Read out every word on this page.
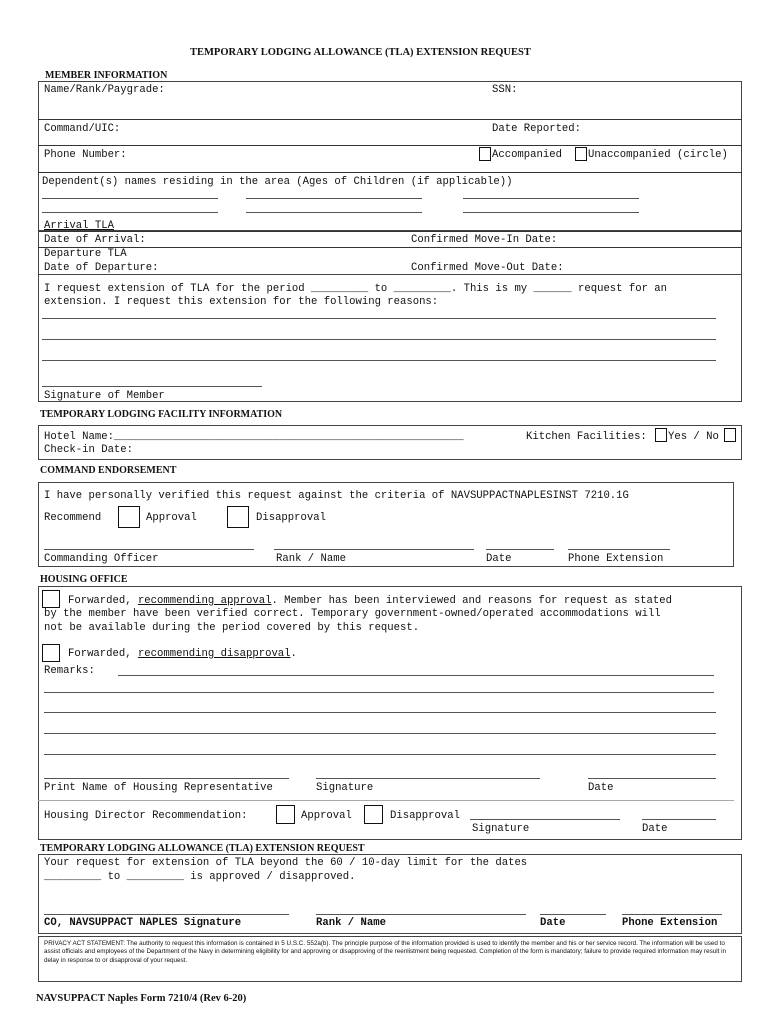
TEMPORARY LODGING ALLOWANCE (TLA) EXTENSION REQUEST
MEMBER INFORMATION
Name/Rank/Paygrade:	SSN:
Command/UIC:	Date Reported:
Phone Number:	Accompanied Unaccompanied (circle)
Dependent(s) names residing in the area (Ages of Children (if applicable))
Arrival TLA
Date of Arrival:	Confirmed Move-In Date:
Departure TLA
Date of Departure:	Confirmed Move-Out Date:
I request extension of TLA for the period _________ to _________. This is my ______ request for an
extension. I request this extension for the following reasons:
Signature of Member
TEMPORARY LODGING FACILITY INFORMATION
Hotel Name:_______________________________________________________	Kitchen Facilities: Yes / No
Check-in Date:
COMMAND ENDORSEMENT
I have personally verified this request against the criteria of NAVSUPPACTNAPLESINST 7210.1G
Recommend	Approval	Disapproval
Commanding Officer	Rank / Name	Date	Phone Extension
HOUSING OFFICE
Forwarded, recommending approval. Member has been interviewed and reasons for request as stated
by the member have been verified correct. Temporary government-owned/operated accommodations will
not be available during the period covered by this request.
Forwarded, recommending disapproval.
Remarks:
Print Name of Housing Representative	Signature	Date
Housing Director Recommendation:	Approval	Disapproval
Signature	Date
TEMPORARY LODGING ALLOWANCE (TLA) EXTENSION REQUEST
Your request for extension of TLA beyond the 60 / 10-day limit for the dates
_________ to _________ is approved / disapproved.
CO, NAVSUPPACT NAPLES Signature	Rank / Name	Date	Phone Extension
PRIVACY ACT STATEMENT: The authority to request this information is contained in 5 U.S.C. 552a(b). The principle purpose of the information provided is used to identify the member and his or her service record. The information will be used to assist officials and employees of the Department of the Navy in determining eligibility for and approving or disapproving of the reenlistment being requested. Completion of the form is mandatory; failure to provide required information may result in delay in response to or disapproval of your request.
NAVSUPPACT Naples Form 7210/4 (Rev 6-20)
